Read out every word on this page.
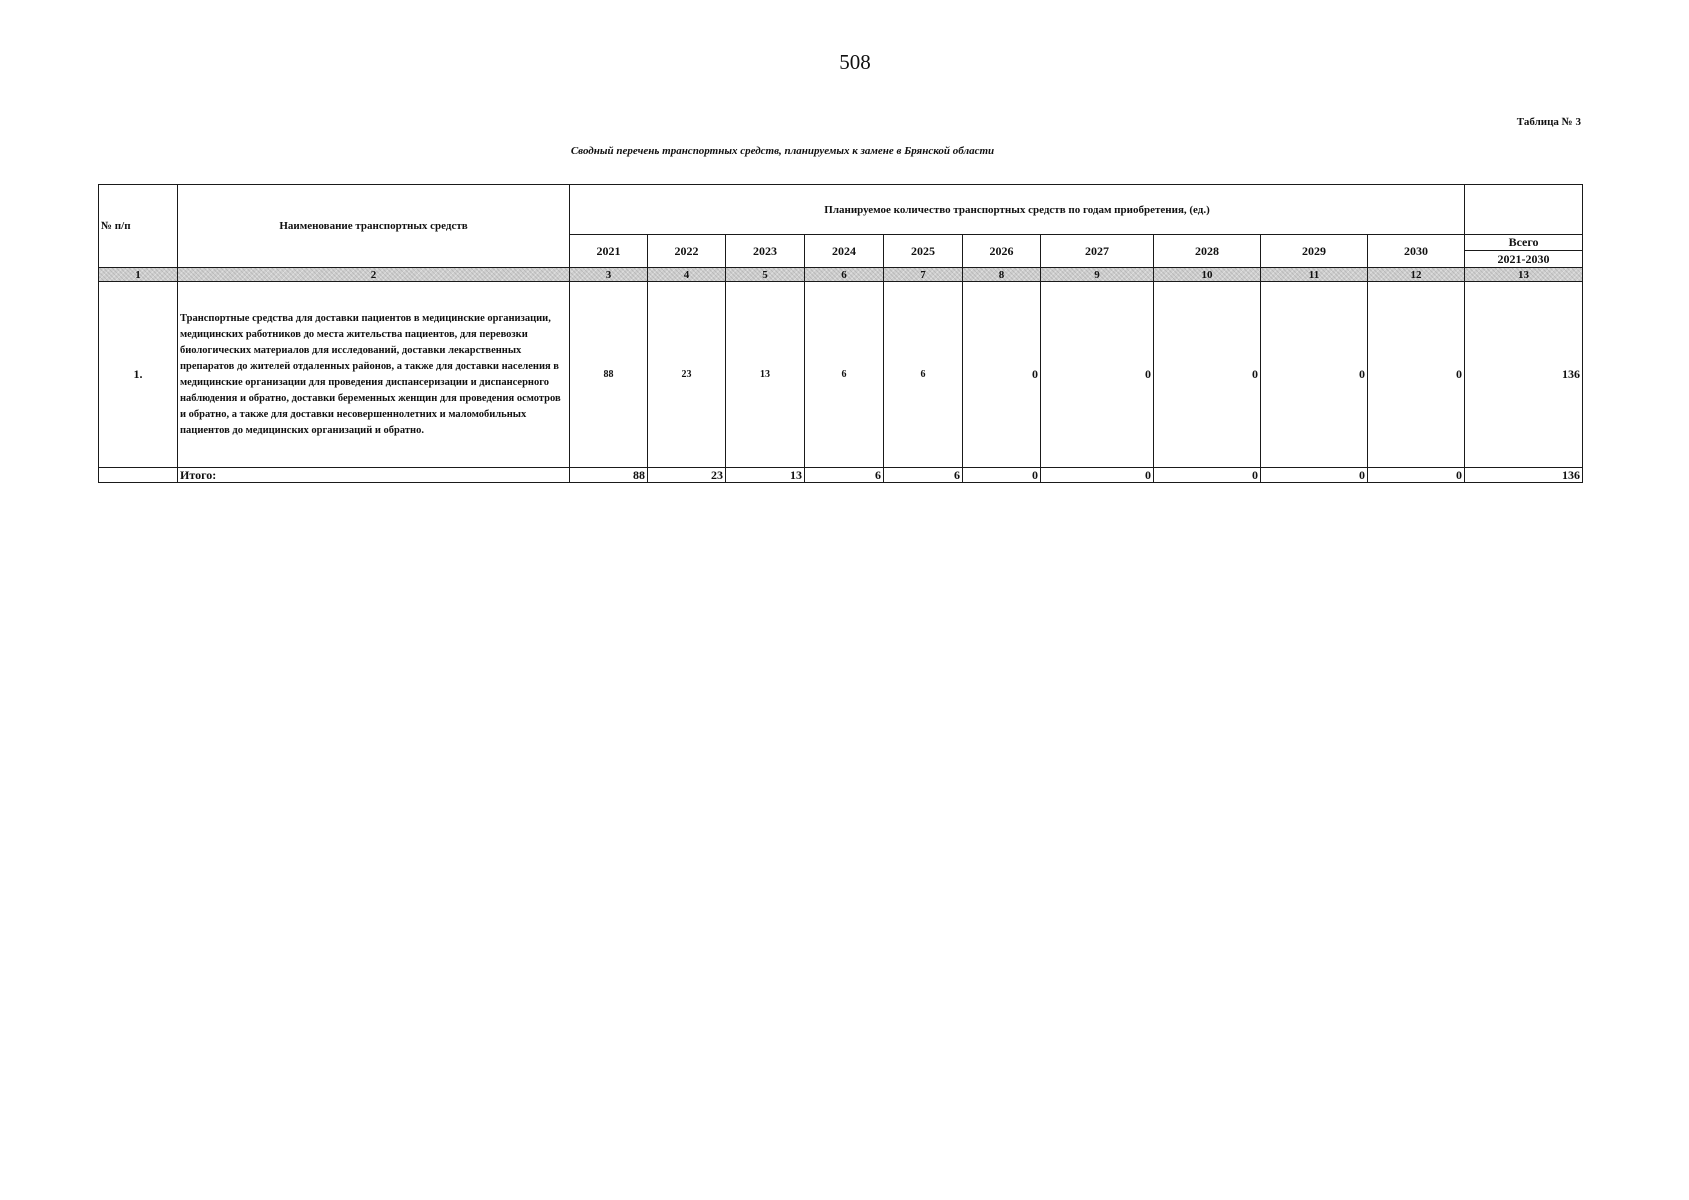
508
Таблица № 3
Сводный перечень транспортных средств, планируемых к замене в Брянской области
№ п/п	Наименование транспортных средств	Планируемое количество транспортных средств по годам приобретения, (ед.)										
		2021	2022	2023	2024	2025	2026	2027	2028	2029	2030	Всего
												2021-2030
1	2	3	4	5	6	7	8	9	10	11	12	13
1.	Транспортные средства для доставки пациентов в медицинские организации, медицинских работников до места жительства пациентов, для перевозки биологических материалов для исследований, доставки лекарственных препаратов до жителей отдаленных районов, а также для доставки населения в медицинские организации для проведения диспансеризации и диспансерного наблюдения и обратно, доставки беременных женщин для проведения осмотров и обратно, а также для доставки несовершеннолетних и маломобильных пациентов до медицинских организаций и обратно.	88	23	13	6	6	0	0	0	0	0	136
	Итого:	88	23	13	6	6	0	0	0	0	0	136
